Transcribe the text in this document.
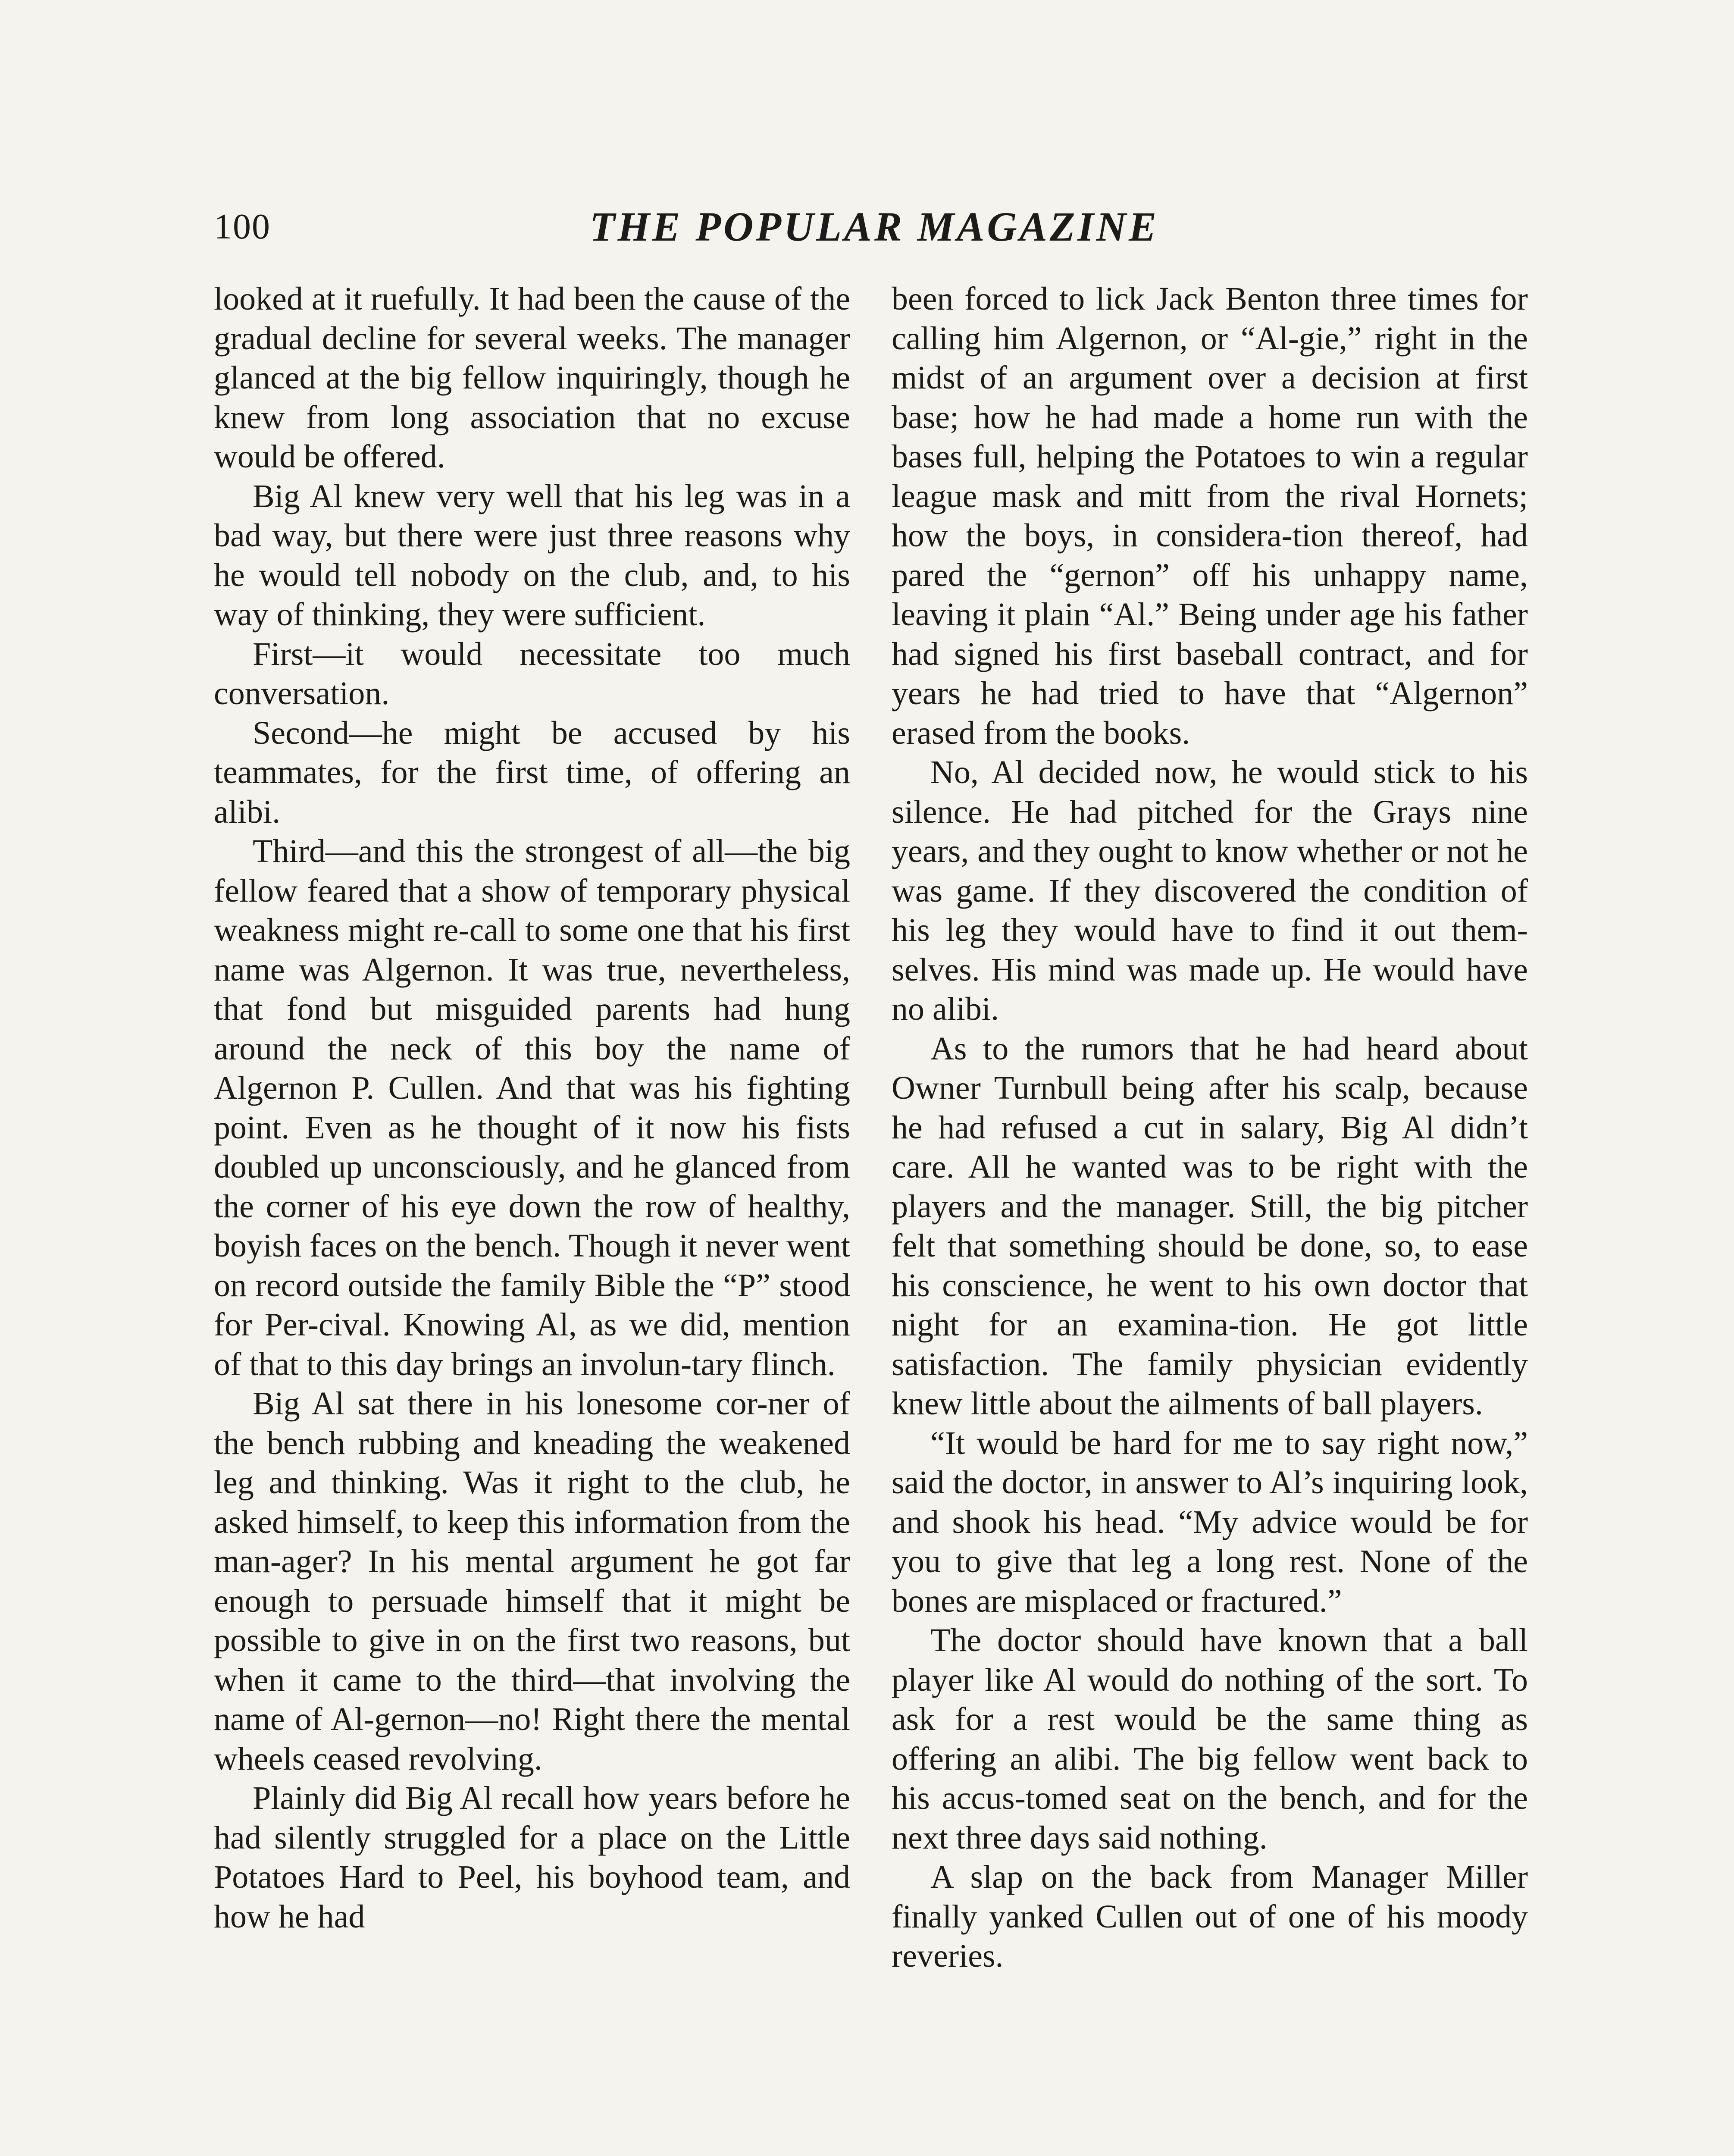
100	THE POPULAR MAGAZINE

looked at it ruefully. It had been the cause of the gradual decline for several weeks. The manager glanced at the big fellow inquiringly, though he knew from long association that no excuse would be offered.

Big Al knew very well that his leg was in a bad way, but there were just three reasons why he would tell nobody on the club, and, to his way of thinking, they were sufficient.

First—it would necessitate too much conversation.

Second—he might be accused by his teammates, for the first time, of offering an alibi.

Third—and this the strongest of all—the big fellow feared that a show of temporary physical weakness might re-call to some one that his first name was Algernon. It was true, nevertheless, that fond but misguided parents had hung around the neck of this boy the name of Algernon P. Cullen. And that was his fighting point. Even as he thought of it now his fists doubled up unconsciously, and he glanced from the corner of his eye down the row of healthy, boyish faces on the bench. Though it never went on record outside the family Bible the “P” stood for Per-cival. Knowing Al, as we did, mention of that to this day brings an involun-tary flinch.

Big Al sat there in his lonesome cor-ner of the bench rubbing and kneading the weakened leg and thinking. Was it right to the club, he asked himself, to keep this information from the man-ager? In his mental argument he got far enough to persuade himself that it might be possible to give in on the first two reasons, but when it came to the third—that involving the name of Al-gernon—no! Right there the mental wheels ceased revolving.

Plainly did Big Al recall how years before he had silently struggled for a place on the Little Potatoes Hard to Peel, his boyhood team, and how he had

been forced to lick Jack Benton three times for calling him Algernon, or “Al-gie,” right in the midst of an argument over a decision at first base; how he had made a home run with the bases full, helping the Potatoes to win a regular league mask and mitt from the rival Hornets; how the boys, in considera-tion thereof, had pared the “gernon” off his unhappy name, leaving it plain “Al.” Being under age his father had signed his first baseball contract, and for years he had tried to have that “Algernon” erased from the books.

No, Al decided now, he would stick to his silence. He had pitched for the Grays nine years, and they ought to know whether or not he was game. If they discovered the condition of his leg they would have to find it out them-selves. His mind was made up. He would have no alibi.

As to the rumors that he had heard about Owner Turnbull being after his scalp, because he had refused a cut in salary, Big Al didn’t care. All he wanted was to be right with the players and the manager. Still, the big pitcher felt that something should be done, so, to ease his conscience, he went to his own doctor that night for an examina-tion. He got little satisfaction. The family physician evidently knew little about the ailments of ball players.

“It would be hard for me to say right now,” said the doctor, in answer to Al’s inquiring look, and shook his head. “My advice would be for you to give that leg a long rest. None of the bones are misplaced or fractured.”

The doctor should have known that a ball player like Al would do nothing of the sort. To ask for a rest would be the same thing as offering an alibi. The big fellow went back to his accus-tomed seat on the bench, and for the next three days said nothing.

A slap on the back from Manager Miller finally yanked Cullen out of one of his moody reveries.
